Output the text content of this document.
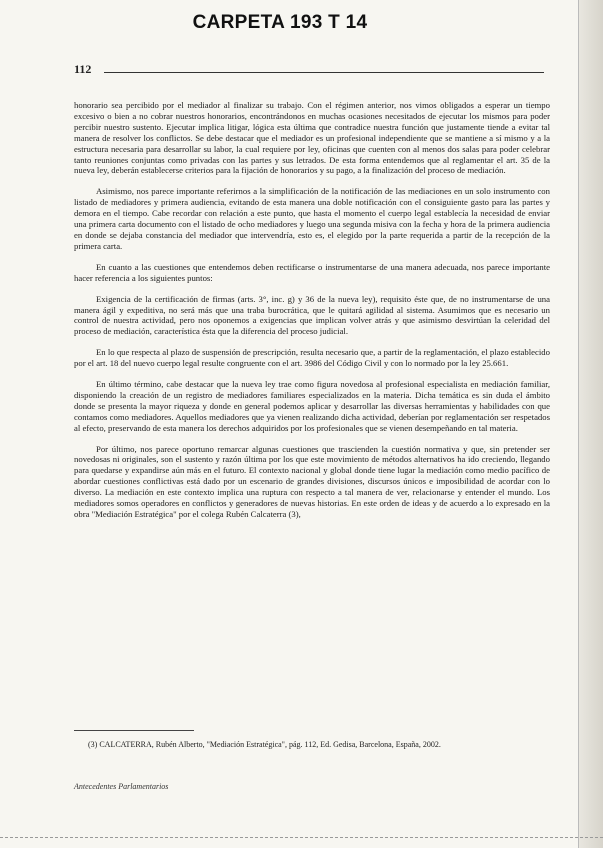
CARPETA 193 T 14
112

honorario sea percibido por el mediador al finalizar su trabajo. Con el régimen anterior, nos vimos obligados a esperar un tiempo excesivo o bien a no cobrar nuestros honorarios, encontrándonos en muchas ocasiones necesitados de ejecutar los mismos para poder percibir nuestro sustento. Ejecutar implica litigar, lógica esta última que contradice nuestra función que justamente tiende a evitar tal manera de resolver los conflictos. Se debe destacar que el mediador es un profesional independiente que se mantiene a sí mismo y a la estructura necesaria para desarrollar su labor, la cual requiere por ley, oficinas que cuenten con al menos dos salas para poder celebrar tanto reuniones conjuntas como privadas con las partes y sus letrados. De esta forma entendemos que al reglamentar el art. 35 de la nueva ley, deberán establecerse criterios para la fijación de honorarios y su pago, a la finalización del proceso de mediación.

Asimismo, nos parece importante referirnos a la simplificación de la notificación de las mediaciones en un solo instrumento con listado de mediadores y primera audiencia, evitando de esta manera una doble notificación con el consiguiente gasto para las partes y demora en el tiempo. Cabe recordar con relación a este punto, que hasta el momento el cuerpo legal establecía la necesidad de enviar una primera carta documento con el listado de ocho mediadores y luego una segunda misiva con la fecha y hora de la primera audiencia en donde se dejaba constancia del mediador que intervendría, esto es, el elegido por la parte requerida a partir de la recepción de la primera carta.

En cuanto a las cuestiones que entendemos deben rectificarse o instrumentarse de una manera adecuada, nos parece importante hacer referencia a los siguientes puntos:

Exigencia de la certificación de firmas (arts. 3°, inc. g) y 36 de la nueva ley), requisito éste que, de no instrumentarse de una manera ágil y expeditiva, no será más que una traba burocrática, que le quitará agilidad al sistema. Asumimos que es necesario un control de nuestra actividad, pero nos oponemos a exigencias que implican volver atrás y que asimismo desvirtúan la celeridad del proceso de mediación, característica ésta que la diferencia del proceso judicial.

En lo que respecta al plazo de suspensión de prescripción, resulta necesario que, a partir de la reglamentación, el plazo establecido por el art. 18 del nuevo cuerpo legal resulte congruente con el art. 3986 del Código Civil y con lo normado por la ley 25.661.

En último término, cabe destacar que la nueva ley trae como figura novedosa al profesional especialista en mediación familiar, disponiendo la creación de un registro de mediadores familiares especializados en la materia. Dicha temática es sin duda el ámbito donde se presenta la mayor riqueza y donde en general podemos aplicar y desarrollar las diversas herramientas y habilidades con que contamos como mediadores. Aquellos mediadores que ya vienen realizando dicha actividad, deberían por reglamentación ser respetados al efecto, preservando de esta manera los derechos adquiridos por los profesionales que se vienen desempeñando en tal materia.

Por último, nos parece oportuno remarcar algunas cuestiones que trascienden la cuestión normativa y que, sin pretender ser novedosas ni originales, son el sustento y razón última por los que este movimiento de métodos alternativos ha ido creciendo, llegando para quedarse y expandirse aún más en el futuro. El contexto nacional y global donde tiene lugar la mediación como medio pacífico de abordar cuestiones conflictivas está dado por un escenario de grandes divisiones, discursos únicos e imposibilidad de acordar con lo diverso. La mediación en este contexto implica una ruptura con respecto a tal manera de ver, relacionarse y entender el mundo. Los mediadores somos operadores en conflictos y generadores de nuevas historias. En este orden de ideas y de acuerdo a lo expresado en la obra "Mediación Estratégica" por el colega Rubén Calcaterra (3),

(3) CALCATERRA, Rubén Alberto, "Mediación Estratégica", pág. 112, Ed. Gedisa, Barcelona, España, 2002.
Antecedentes Parlamentarios
